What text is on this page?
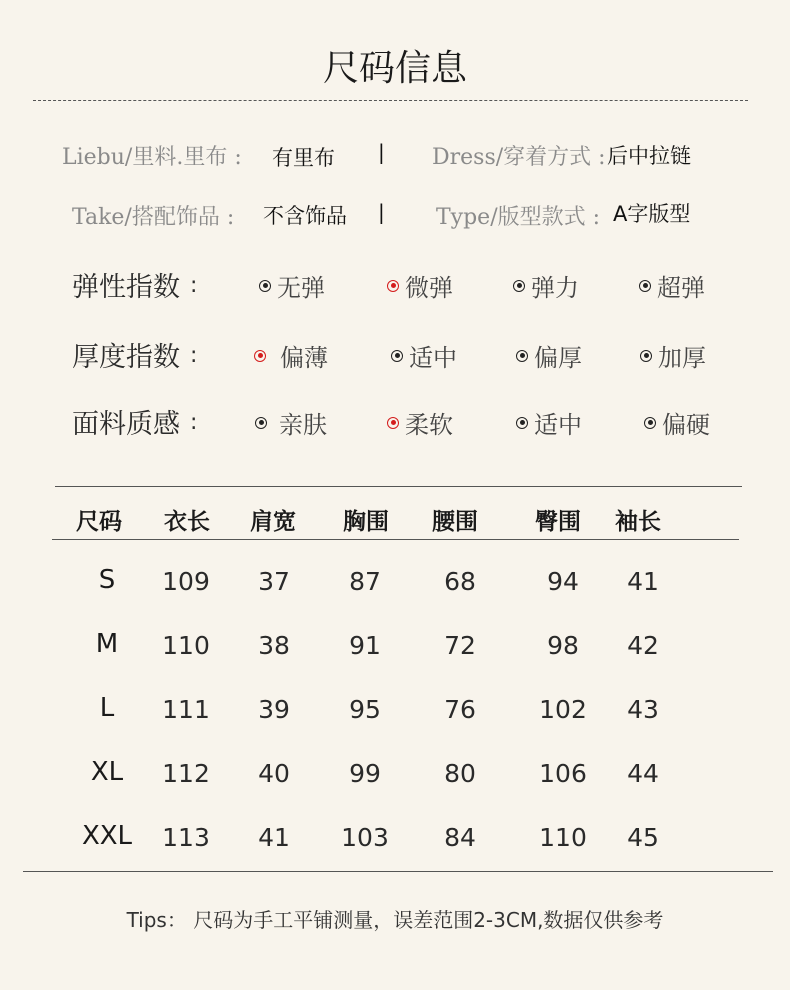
尺码信息
Liebu/里料.里布 : 有里布 | Dress/穿着方式 : 后中拉链
Take/搭配饰品 : 不含饰品 | Type/版型款式 : A字版型
弹性指数 :	无弹	微弹	弹力	超弹
厚度指数 :	偏薄	适中	偏厚	加厚
面料质感 :	亲肤	柔软	适中	偏硬
尺码 衣长 肩宽 胸围 腰围 臀围 袖长
S	109	37	87	68	94	41
M	110	38	91	72	98	42
L	111	39	95	76	102	43
XL	112	40	99	80	106	44
XXL	113	41	103	84	110	45
Tips： 尺码为手工平铺测量，误差范围2-3CM,数据仅供参考
